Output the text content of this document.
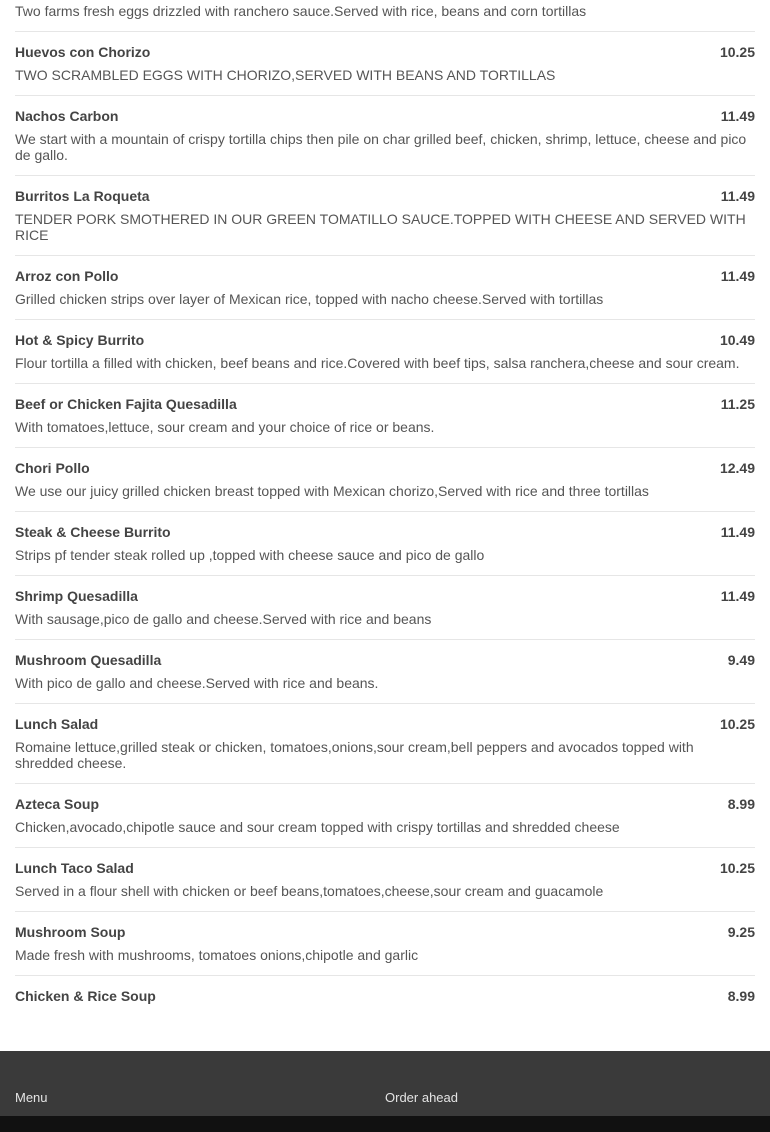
Two farms fresh eggs drizzled with ranchero sauce.Served with rice, beans and corn tortillas
Huevos con Chorizo	10.25
TWO SCRAMBLED EGGS WITH CHORIZO,SERVED WITH BEANS AND TORTILLAS
Nachos Carbon	11.49
We start with a mountain of crispy tortilla chips then pile on char grilled beef, chicken, shrimp, lettuce, cheese and pico de gallo.
Burritos La Roqueta	11.49
TENDER PORK SMOTHERED IN OUR GREEN TOMATILLO SAUCE.TOPPED WITH CHEESE AND SERVED WITH RICE
Arroz con Pollo	11.49
Grilled chicken strips over layer of Mexican rice, topped with nacho cheese.Served with tortillas
Hot & Spicy Burrito	10.49
Flour tortilla a filled with chicken, beef beans and rice.Covered with beef tips, salsa ranchera,cheese and sour cream.
Beef or Chicken Fajita Quesadilla	11.25
With tomatoes,lettuce, sour cream and your choice of rice or beans.
Chori Pollo	12.49
We use our juicy grilled chicken breast topped with Mexican chorizo,Served with rice and three tortillas
Steak & Cheese Burrito	11.49
Strips pf tender steak rolled up ,topped with cheese sauce and pico de gallo
Shrimp Quesadilla	11.49
With sausage,pico de gallo and cheese.Served with rice and beans
Mushroom Quesadilla	9.49
With pico de gallo and cheese.Served with rice and beans.
Lunch Salad	10.25
Romaine lettuce,grilled steak or chicken, tomatoes,onions,sour cream,bell peppers and avocados topped with shredded cheese.
Azteca Soup	8.99
Chicken,avocado,chipotle sauce and sour cream topped with crispy tortillas and shredded cheese
Lunch Taco Salad	10.25
Served in a flour shell with chicken or beef beans,tomatoes,cheese,sour cream and guacamole
Mushroom Soup	9.25
Made fresh with mushrooms, tomatoes onions,chipotle and garlic
Chicken & Rice Soup	8.99
Menu	Order ahead
